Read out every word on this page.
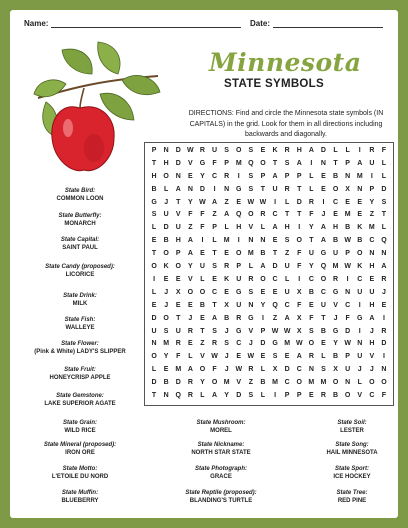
Name:	Date:
Minnesota
STATE SYMBOLS
DIRECTIONS: Find and circle the Minnesota state symbols (IN CAPITALS) in the grid. Look for them in all directions including backwards and diagonally.
P	N	D W R	U	S	O	S	E	K	R	H	A	D	L	L	I	R	F
T	H	D	V	G	F	P M Q O	T	S	A	I	N	T	P	A	U	L
H O N	E	Y	C	R	I	S	P	A	P	P	L	E	B	N M	I	L
B	L	A	N	D	I	N G	S	T	U	R	T	L	E	O	X	N	P	D
G	J	T	Y W A	Z	E W W	I	L	D	R	I	C	E	E	Y	S
S	U	V	F	F	Z	A Q O R	C	T	T	F	J	E M E	Z	T
L	D	U	Z	F	P	L	H	V	L	A	H	I	Y	A	H	B	K M	L
E	B	H	A	I	L	M	I	N	N	E	S	O	T	A	B W B	C Q
T	O	P	A	E	T	E	O M B	T	Z	F	U G U	P	O N	N
O K O	Y	U	S	R	P	L	A	D	U	F	Y	Q M W K	H	A
I	E	E	V	L	E	K	U	R O C	L	I	C O R	I	C	E	R
L	J	X	O O C	E	G	S	E	E	U	X	B	C G N	U	U	J
E	J	E	E	B	T	X	U	N	Y	Q C	F	E	U	V	C	I	H	E
D O	T	J	E	A	B	R G	I	Z	A	X	F	T	J	F	G A	I
U	S	U	R	T	S	J	G	V	P W W X	S	B G D	I	J	R
N M R	E	Z	R	S	C	J	D G M W O	E	Y W N	H	D
O	Y	F	L	V W J	E W E	S	E	A	R	L	B	P	U	V	I
L	E M A O	F	J W R	L	X	D	C	N	S	X	U	J	J	N
D	B	D	R	Y	O M V	Z	B M C O M M O N	L	O O
T	N Q R	L	A	Y	D	S	L	I	P	P	E	R	B O	V	C	F
State Bird:
COMMON LOON
State Butterfly:
MONARCH
State Capital:
SAINT PAUL
State Candy (proposed):
LICORICE
State Drink:
MILK
State Fish:
WALLEYE
State Flower:
(Pink & White) LADY'S SLIPPER
State Fruit:
HONEYCRISP APPLE
State Gemstone:
LAKE SUPERIOR AGATE
State Grain:
WILD RICE
State Mineral (proposed):
IRON ORE
State Motto:
L'ETOILE DU NORD
State Muffin:
BLUEBERRY
State Mushroom:
MOREL
State Nickname:
NORTH STAR STATE
State Photograph:
GRACE
State Reptile (proposed):
BLANDING'S TURTLE
State Soil:
LESTER
State Song:
HAIL MINNESOTA
State Sport:
ICE HOCKEY
State Tree:
RED PINE
© 2023 puzzles-to-print.com
